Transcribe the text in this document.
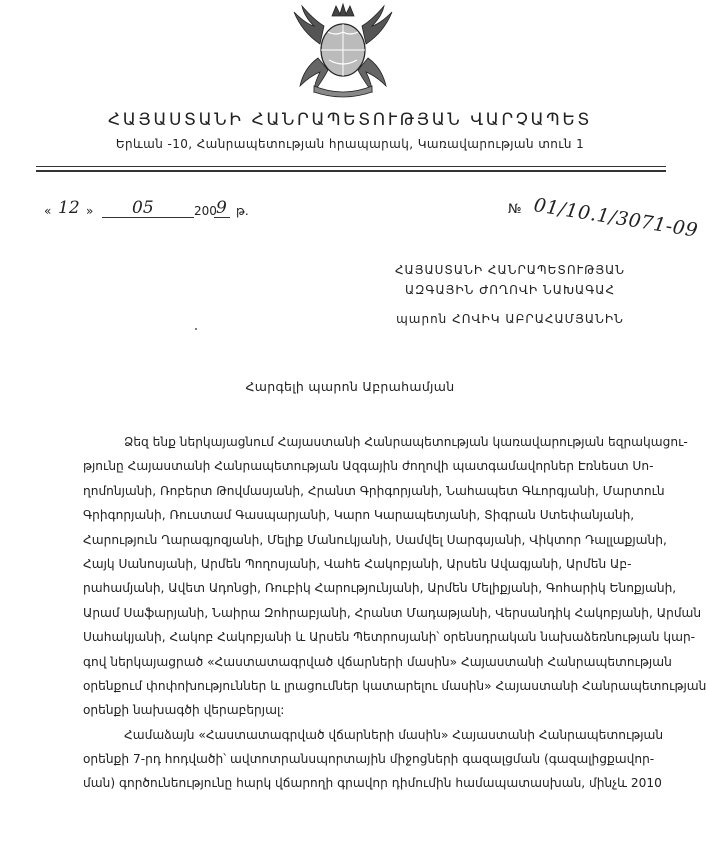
ՀԱՅԱՍՏԱՆԻ ՀԱՆՐԱՊԵՏՈՒԹՅԱՆ ՎԱՐՉԱՊԵՏ
Երևան -10, Հանրապետության հրապարակ, Կառավարության տուն 1
« 12 » 05	200 9 թ.	№ 01/10.1/3071-09
ՀԱՅԱՍՏԱՆԻ ՀԱՆՐԱՊԵՏՈՒԹՅԱՆ
ԱԶԳԱՅԻՆ ԺՈՂՈՎԻ ՆԱԽԱԳԱՀ
պարոն ՀՈՎԻԿ ԱԲՐԱՀԱՄՅԱՆԻՆ
Հարգելի պարոն Աբրահամյան
Ձեզ ենք ներկայացնում Հայաստանի Հանրապետության կառավարության եզրակացու-
թյունը Հայաստանի Հանրապետության Ազգային ժողովի պատգամավորներ Էռնեստ Սո-
ղոմոնյանի, Ռոբերտ Թովմասյանի, Հրանտ Գրիգորյանի, Նահապետ Գևորգյանի, Մարտուն
Գրիգորյանի, Ռուստամ Գասպարյանի, Կարո Կարապետյանի, Տիգրան Ստեփանյանի,
Հարություն Ղարագյոզյանի, Մելիք Մանուկյանի, Սամվել Սարգսյանի, Վիկտոր Դալլաքյանի,
Հայկ Սանոսյանի, Արմեն Պողոսյանի, Վահե Հակոբյանի, Արսեն Ավագյանի, Արմեն Աբ-
րահամյանի, Ավետ Ադոնցի, Ռուբիկ Հարությունյանի, Արմեն Մելիքյանի, Գոհարիկ Ենոքյանի,
Արամ Սաֆարյանի, Նաիրա Զոհրաբյանի, Հրանտ Մադաթյանի, Վերսանդիկ Հակոբյանի, Արման
Սահակյանի, Հակոբ Հակոբյանի և Արսեն Պետրոսյանի՝ օրենսդրական նախաձեռնության կար-
գով ներկայացրած «Հաստատագրված վճարների մասին» Հայաստանի Հանրապետության
օրենքում փոփոխություններ և լրացումներ կատարելու մասին» Հայաստանի Հանրապետության
օրենքի նախագծի վերաբերյալ:
Համաձայն «Հաստատագրված վճարների մասին» Հայաստանի Հանրապետության
օրենքի 7-րդ հոդվածի՝ ավտոտրանսպորտային միջոցների գազալցման (գազալիցքավոր-
ման) գործունեությունը հարկ վճարողի գրավոր դիմումին համապատասխան, մինչև 2010
